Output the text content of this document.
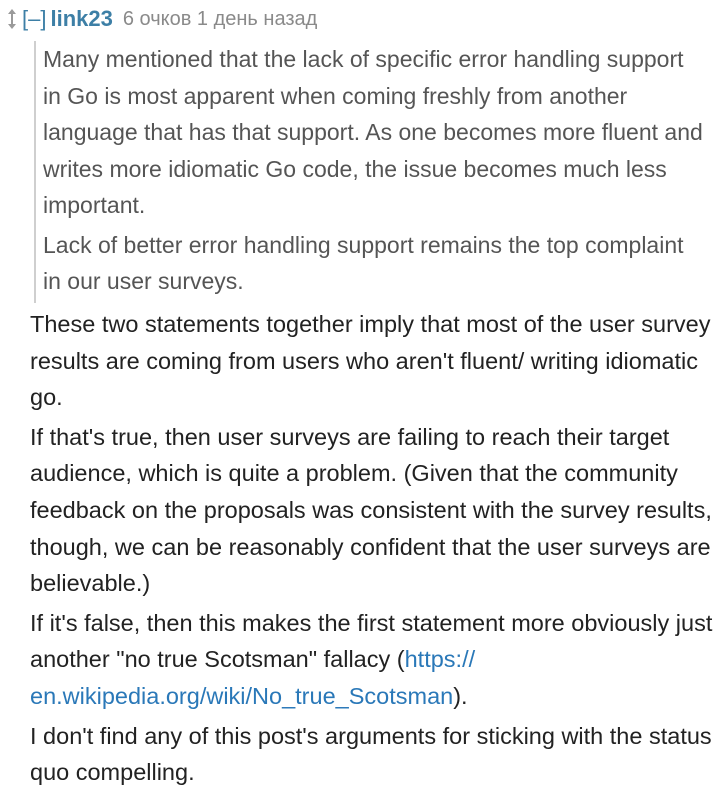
[–] link23 6 очков 1 день назад

Many mentioned that the lack of specific error handling support in Go is most apparent when coming freshly from another language that has that support. As one becomes more fluent and writes more idiomatic Go code, the issue becomes much less important.

Lack of better error handling support remains the top complaint in our user surveys.

These two statements together imply that most of the user survey results are coming from users who aren't fluent/ writing idiomatic go.

If that's true, then user surveys are failing to reach their target audience, which is quite a problem. (Given that the community feedback on the proposals was consistent with the survey results, though, we can be reasonably confident that the user surveys are believable.)

If it's false, then this makes the first statement more obviously just another "no true Scotsman" fallacy (https:// en.wikipedia.org/wiki/No_true_Scotsman).

I don't find any of this post's arguments for sticking with the status quo compelling.
